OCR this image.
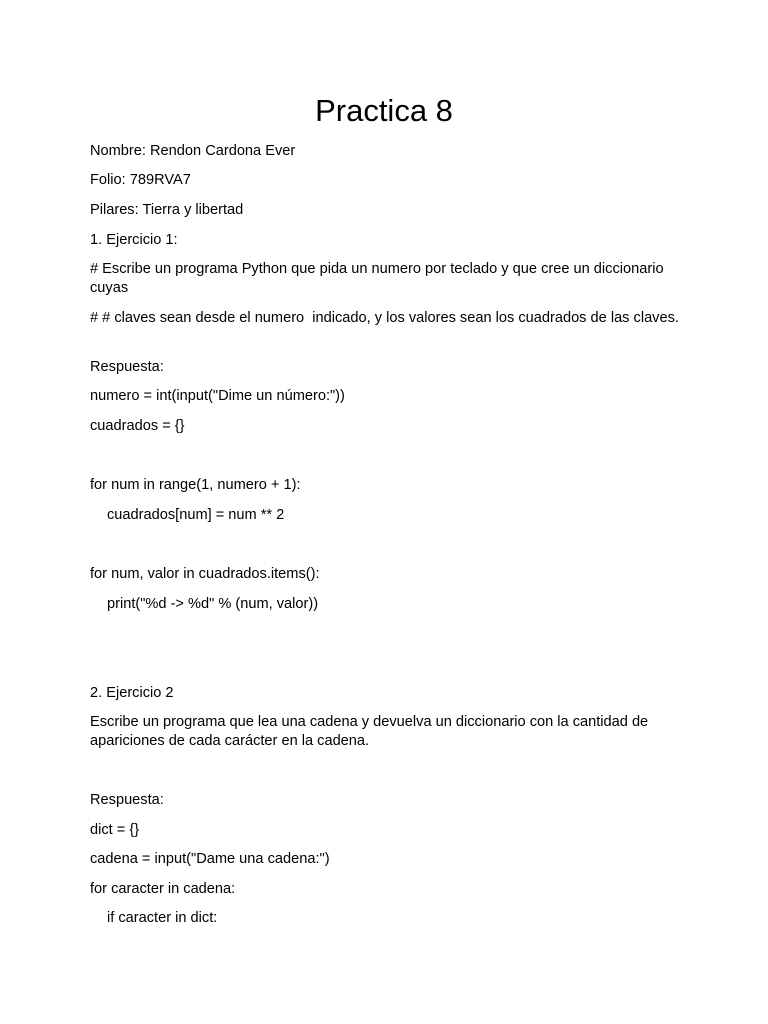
Practica 8

Nombre: Rendon Cardona Ever

Folio: 789RVA7

Pilares: Tierra y libertad

1. Ejercicio 1:

# Escribe un programa Python que pida un numero por teclado y que cree un diccionario cuyas

# # claves sean desde el numero  indicado, y los valores sean los cuadrados de las claves.

Respuesta:

numero = int(input("Dime un número:"))

cuadrados = {}

for num in range(1, numero + 1):

cuadrados[num] = num ** 2

for num, valor in cuadrados.items():

print("%d -> %d" % (num, valor))

2. Ejercicio 2

Escribe un programa que lea una cadena y devuelva un diccionario con la cantidad de apariciones de cada carácter en la cadena.

Respuesta:

dict = {}

cadena = input("Dame una cadena:")

for caracter in cadena:

if caracter in dict:
